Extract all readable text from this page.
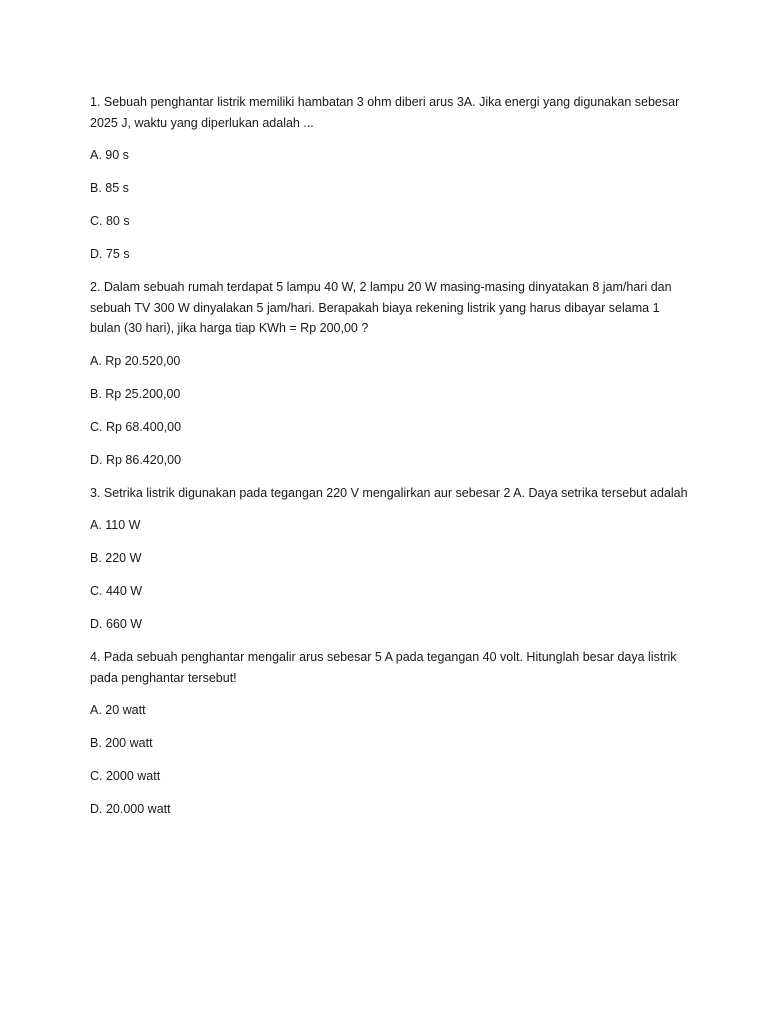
1. Sebuah penghantar listrik memiliki hambatan 3 ohm diberi arus 3A. Jika energi yang digunakan sebesar 2025 J, waktu yang diperlukan adalah ...

A. 90 s

B. 85 s

C. 80 s

D. 75 s

2. Dalam sebuah rumah terdapat 5 lampu 40 W, 2 lampu 20 W masing-masing dinyatakan 8 jam/hari dan sebuah TV 300 W dinyalakan 5 jam/hari. Berapakah biaya rekening listrik yang harus dibayar selama 1 bulan (30 hari), jika harga tiap KWh = Rp 200,00 ?

A. Rp 20.520,00

B. Rp 25.200,00

C. Rp 68.400,00

D. Rp 86.420,00

3. Setrika listrik digunakan pada tegangan 220 V mengalirkan aur sebesar 2 A. Daya setrika tersebut adalah

A. 110 W

B. 220 W

C. 440 W

D. 660 W

4. Pada sebuah penghantar mengalir arus sebesar 5 A pada tegangan 40 volt. Hitunglah besar daya listrik pada penghantar tersebut!

A. 20 watt

B. 200 watt

C. 2000 watt

D. 20.000 watt
